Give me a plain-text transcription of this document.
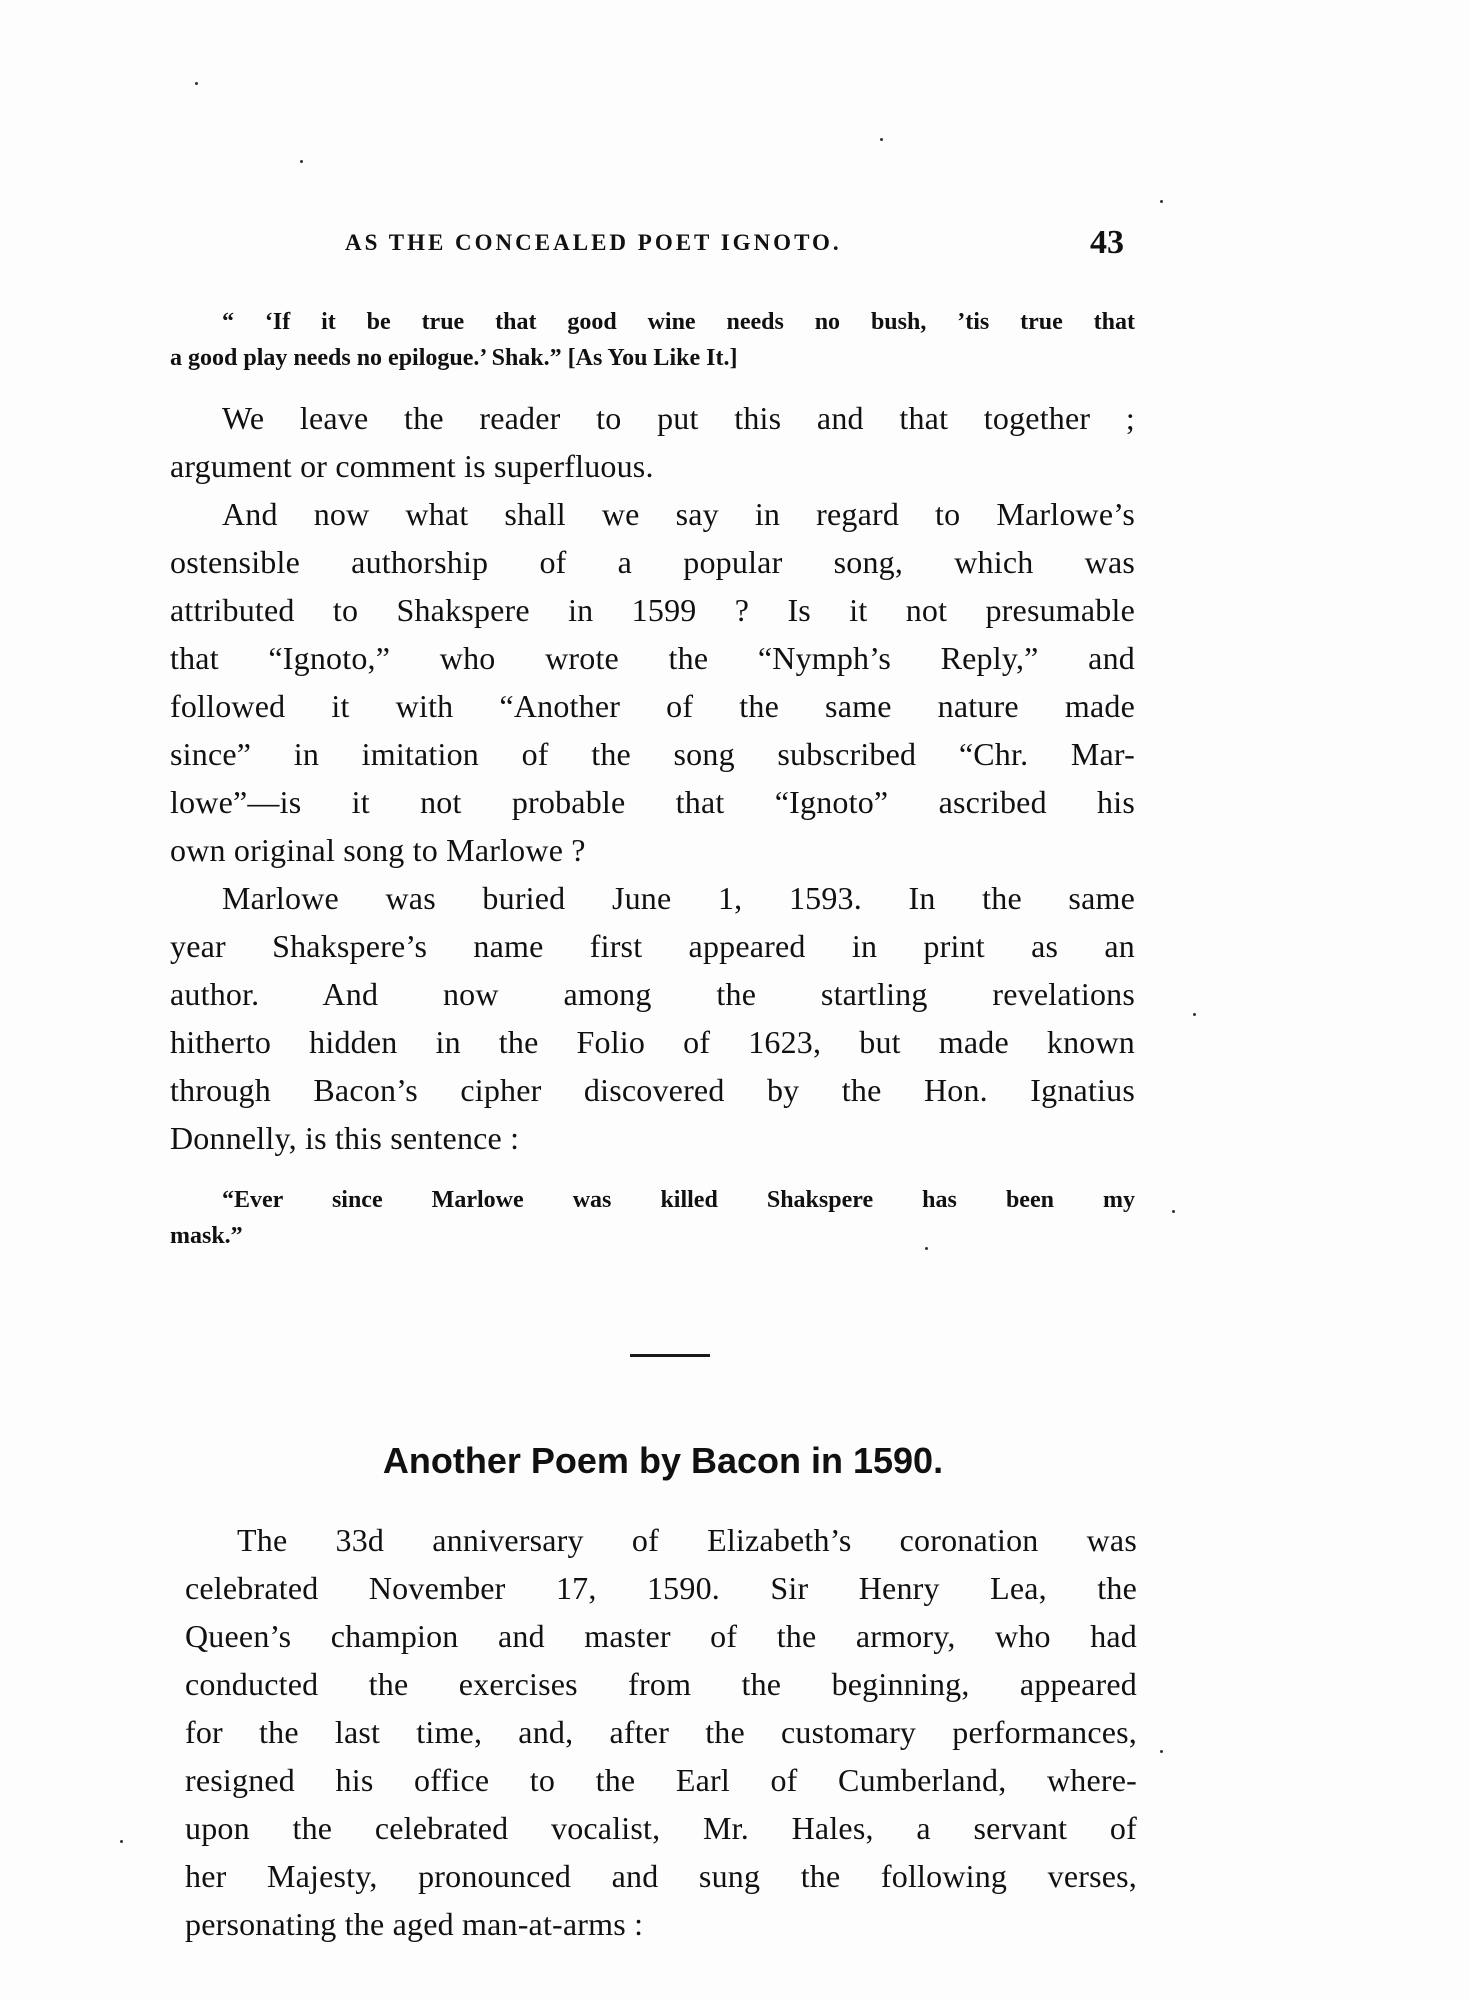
AS THE CONCEALED POET IGNOTO.	43
“ ‘If it be true that good wine needs no bush, ’tis true that
a good play needs no epilogue.’ Shak.” [As You Like It.]
We leave the reader to put this and that together ;
argument or comment is superfluous.
And now what shall we say in regard to Marlowe’s
ostensible authorship of a popular song, which was
attributed to Shakspere in 1599 ? Is it not presumable
that “Ignoto,” who wrote the “Nymph’s Reply,” and
followed it with “Another of the same nature made
since” in imitation of the song subscribed “Chr. Mar-
lowe”—is it not probable that “Ignoto” ascribed his
own original song to Marlowe ?
Marlowe was buried June 1, 1593. In the same
year Shakspere’s name first appeared in print as an
author. And now among the startling revelations
hitherto hidden in the Folio of 1623, but made known
through Bacon’s cipher discovered by the Hon. Ignatius
Donnelly, is this sentence :
“Ever since Marlowe was killed Shakspere has been my
mask.”
Another Poem by Bacon in 1590.
The 33d anniversary of Elizabeth’s coronation was
celebrated November 17, 1590. Sir Henry Lea, the
Queen’s champion and master of the armory, who had
conducted the exercises from the beginning, appeared
for the last time, and, after the customary performances,
resigned his office to the Earl of Cumberland, where-
upon the celebrated vocalist, Mr. Hales, a servant of
her Majesty, pronounced and sung the following verses,
personating the aged man-at-arms :
